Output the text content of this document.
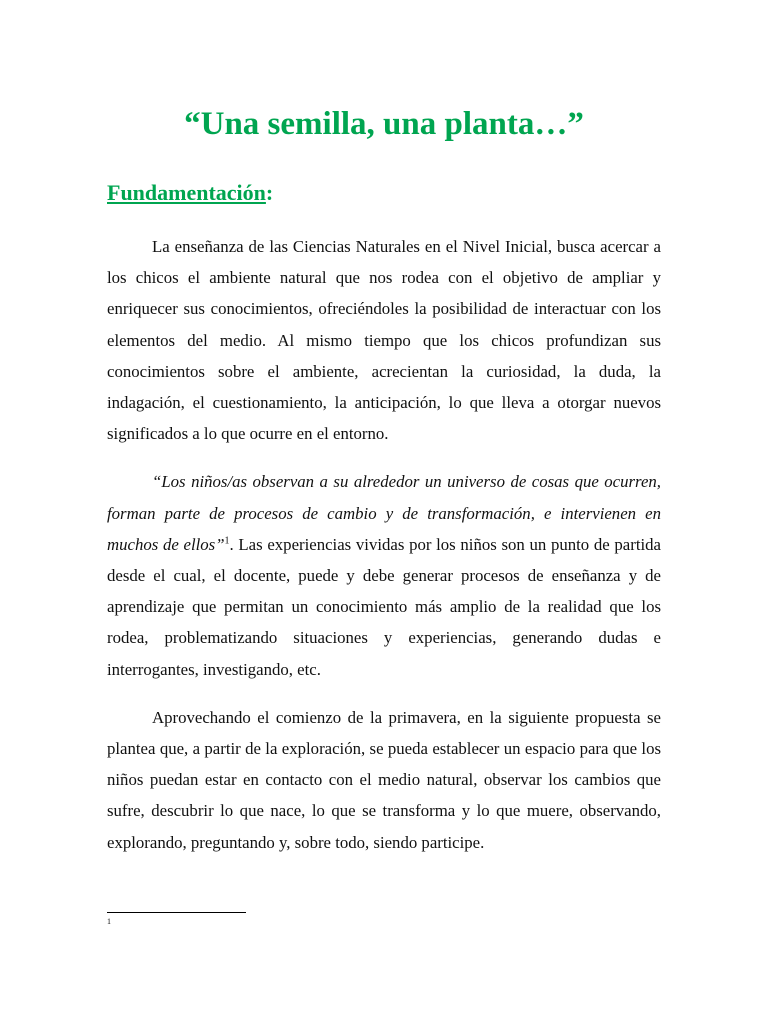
“Una semilla, una planta…”
Fundamentación:

La enseñanza de las Ciencias Naturales en el Nivel Inicial, busca acercar a los chicos el ambiente natural que nos rodea con el objetivo de ampliar y enriquecer sus conocimientos, ofreciéndoles la posibilidad de interactuar con los elementos del medio. Al mismo tiempo que los chicos profundizan sus conocimientos sobre el ambiente, acrecientan la curiosidad, la duda, la indagación, el cuestionamiento, la anticipación, lo que lleva a otorgar nuevos significados a lo que ocurre en el entorno.

“Los niños/as observan a su alrededor un universo de cosas que ocurren, forman parte de procesos de cambio y de transformación, e intervienen en muchos de ellos”$^1$. Las experiencias vividas por los niños son un punto de partida desde el cual, el docente, puede y debe generar procesos de enseñanza y de aprendizaje que permitan un conocimiento más amplio de la realidad que los rodea, problematizando situaciones y experiencias, generando dudas e interrogantes, investigando, etc.

Aprovechando el comienzo de la primavera, en la siguiente propuesta se plantea que, a partir de la exploración, se pueda establecer un espacio para que los niños puedan estar en contacto con el medio natural, observar los cambios que sufre, descubrir lo que nace, lo que se transforma y lo que muere, observando, explorando, preguntando y, sobre todo, siendo participe.

1
